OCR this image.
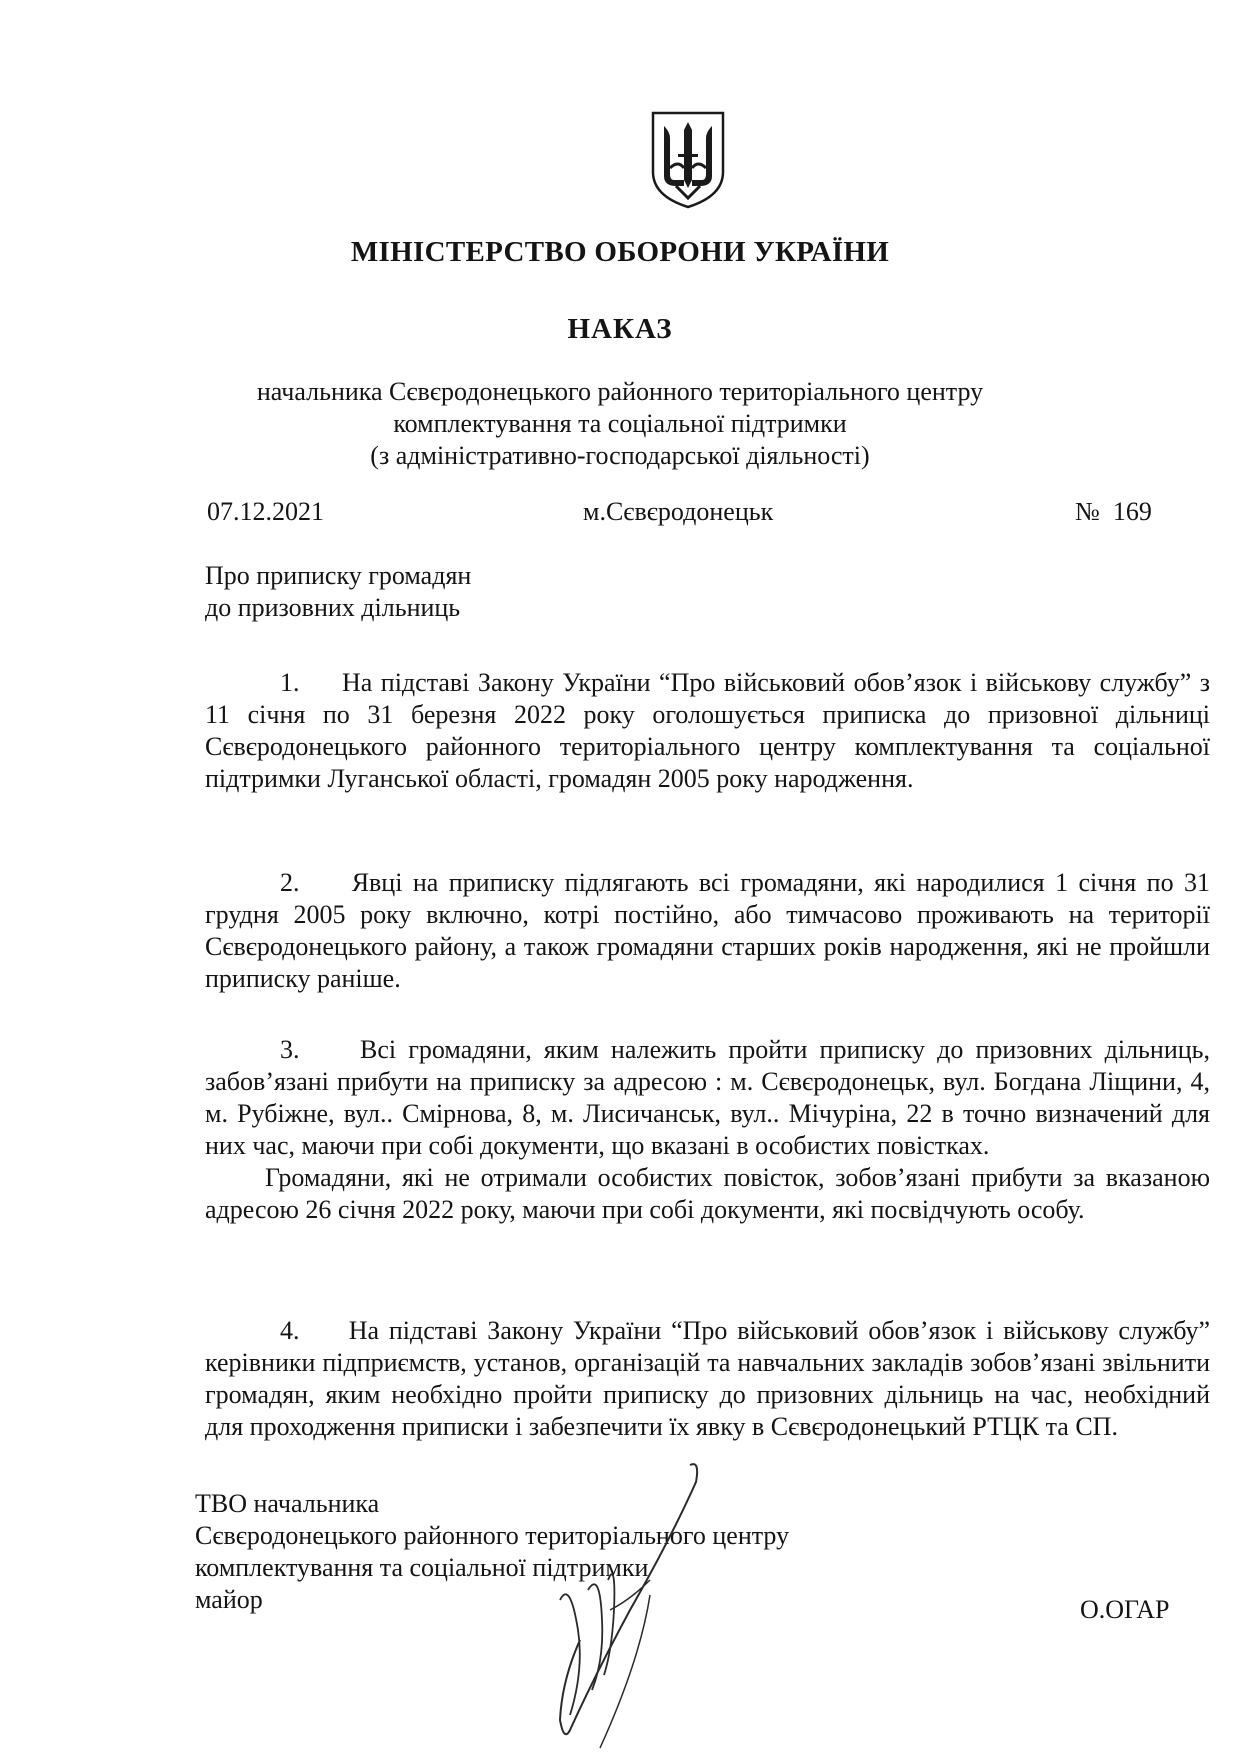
МІНІСТЕРСТВО ОБОРОНИ УКРАЇНИ
НАКАЗ
начальника Сєвєродонецького районного територіального центру
комплектування та соціальної підтримки
(з адміністративно-господарської діяльності)
07.12.2021	м.Сєвєродонецьк	№ 169
Про приписку громадян
до призовних дільниць

1. На підставі Закону України “Про військовий обов’язок і військову службу” з 11 січня по 31 березня 2022 року оголошується приписка до призовної дільниці Сєвєродонецького районного територіального центру комплектування та соціальної підтримки Луганської області, громадян 2005 року народження.

2. Явці на приписку підлягають всі громадяни, які народилися 1 січня по 31 грудня 2005 року включно, котрі постійно, або тимчасово проживають на території Сєвєродонецького району, а також громадяни старших років народження, які не пройшли приписку раніше.

3. Всі громадяни, яким належить пройти приписку до призовних дільниць, забов’язані прибути на приписку за адресою : м. Сєвєродонецьк, вул. Богдана Ліщини, 4, м. Рубіжне, вул.. Смірнова, 8, м. Лисичанськ, вул.. Мічуріна, 22 в точно визначений для них час, маючи при собі документи, що вказані в особистих повістках.

Громадяни, які не отримали особистих повісток, зобов’язані прибути за вказаною адресою 26 січня 2022 року, маючи при собі документи, які посвідчують особу.

4. На підставі Закону України “Про військовий обов’язок і військову службу” керівники підприємств, установ, організацій та навчальних закладів зобов’язані звільнити громадян, яким необхідно пройти приписку до призовних дільниць на час, необхідний для проходження приписки і забезпечити їх явку в Сєвєродонецький РТЦК та СП.

ТВО начальника
Сєвєродонецького районного територіального центру
комплектування та соціальної підтримки
майор	О.ОГАР
